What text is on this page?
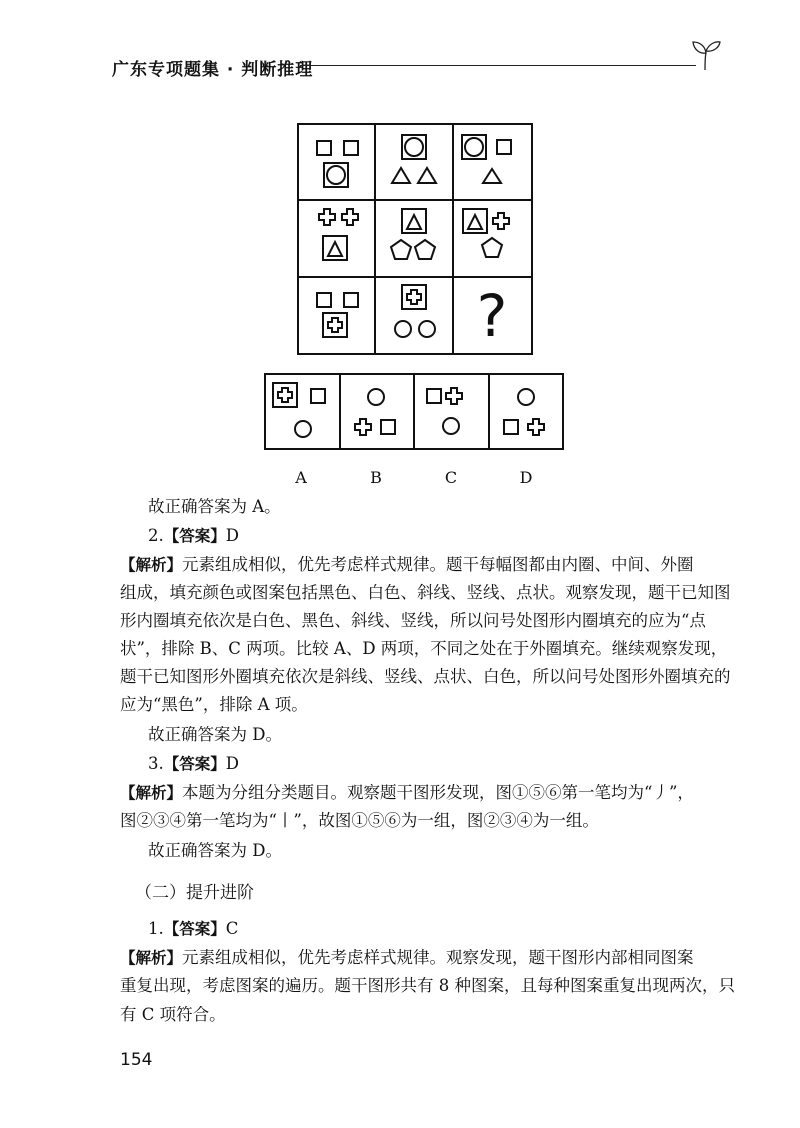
广东专项题集 · 判断推理
?
A	B	C	D
故正确答案为 A。
2.【答案】D
【解析】元素组成相似，优先考虑样式规律。题干每幅图都由内圈、中间、外圈
组成，填充颜色或图案包括黑色、白色、斜线、竖线、点状。观察发现，题干已知图
形内圈填充依次是白色、黑色、斜线、竖线，所以问号处图形内圈填充的应为“点
状”，排除 B、C 两项。比较 A、D 两项，不同之处在于外圈填充。继续观察发现，
题干已知图形外圈填充依次是斜线、竖线、点状、白色，所以问号处图形外圈填充的
应为“黑色”，排除 A 项。
故正确答案为 D。
3.【答案】D
【解析】本题为分组分类题目。观察题干图形发现，图①⑤⑥第一笔均为“丿”，
图②③④第一笔均为“丨”，故图①⑤⑥为一组，图②③④为一组。
故正确答案为 D。
（二）提升进阶
1.【答案】C
【解析】元素组成相似，优先考虑样式规律。观察发现，题干图形内部相同图案
重复出现，考虑图案的遍历。题干图形共有 8 种图案，且每种图案重复出现两次，只
有 C 项符合。
154
